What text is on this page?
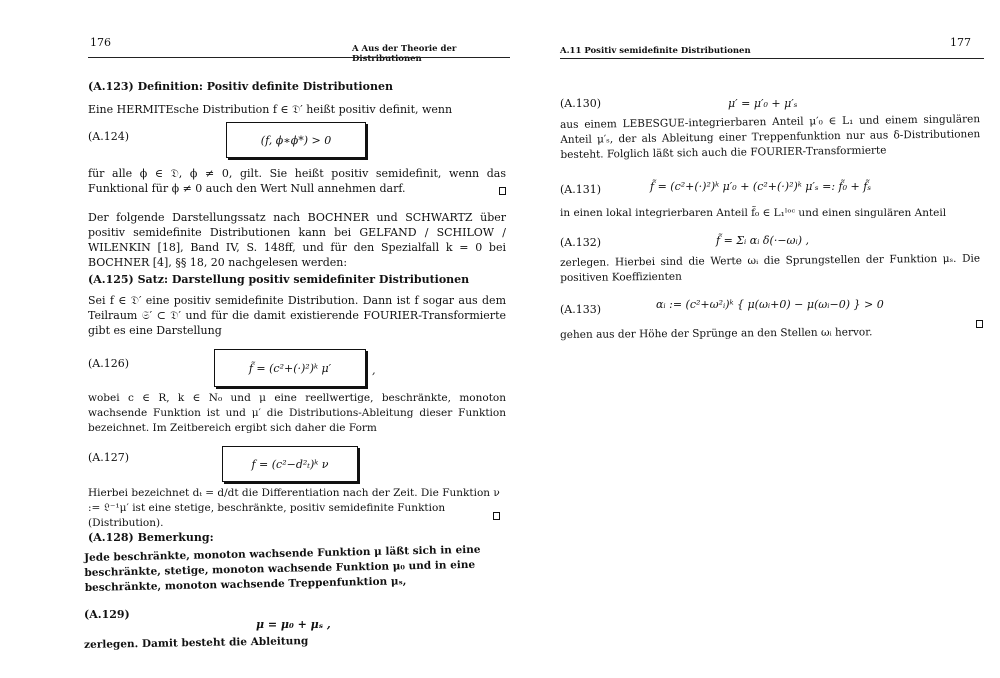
176	A Aus der Theorie der Distributionen
(A.123) Definition: Positiv definite Distributionen
Eine HERMITEsche Distribution f ∈ 𝔇′ heißt positiv definit, wenn
(A.124)	(f, ϕ∗ϕ*) > 0
für alle ϕ ∈ 𝔇, ϕ ≠ 0, gilt. Sie heißt positiv semidefinit, wenn das Funktional für ϕ ≠ 0 auch den Wert Null annehmen darf.
Der folgende Darstellungssatz nach BOCHNER und SCHWARTZ über positiv semidefinite Distributionen kann bei GELFAND / SCHILOW / WILENKIN [18], Band IV, S. 148ff, und für den Spezialfall k = 0 bei BOCHNER [4], §§ 18, 20 nachgelesen werden:
(A.125) Satz: Darstellung positiv semidefiniter Distributionen
Sei f ∈ 𝔇′ eine positiv semidefinite Distribution. Dann ist f sogar aus dem Teilraum 𝔖′ ⊂ 𝔇′ und für die damit existierende FOURIER-Transformierte gibt es eine Darstellung
(A.126)	f̃ = (c²+(·)²)ᵏ μ′	,
wobei c ∈ R, k ∈ N₀ und μ eine reellwertige, beschränkte, monoton wachsende Funktion ist und μ′ die Distributions-Ableitung dieser Funktion bezeichnet. Im Zeitbereich ergibt sich daher die Form
(A.127)	f = (c²−d²ₜ)ᵏ ν
Hierbei bezeichnet dₜ = d/dt die Differentiation nach der Zeit. Die Funktion ν := 𝔏⁻¹μ′ ist eine stetige, beschränkte, positiv semidefinite Funktion (Distribution).
(A.128) Bemerkung:
Jede beschränkte, monoton wachsende Funktion μ läßt sich in eine beschränkte, stetige, monoton wachsende Funktion μ₀ und in eine beschränkte, monoton wachsende Treppenfunktion μₛ,
(A.129)
μ = μ₀ + μₛ ,
zerlegen. Damit besteht die Ableitung
A.11 Positiv semidefinite Distributionen
177
(A.130)	μ′ = μ′₀ + μ′ₛ
aus einem LEBESGUE-integrierbaren Anteil μ′₀ ∈ L₁ und einem singulären Anteil μ′ₛ, der als Ableitung einer Treppenfunktion nur aus δ-Distributionen besteht. Folglich läßt sich auch die FOURIER-Transformierte
(A.131)	f̃ = (c²+(·)²)ᵏ μ′₀ + (c²+(·)²)ᵏ μ′ₛ =: f̃₀ + f̃ₛ
in einen lokal integrierbaren Anteil f̃₀ ∈ L₁ˡᵒᶜ und einen singulären Anteil
(A.132)	f̃ = Σᵢ αᵢ δ(·−ωᵢ) ,
zerlegen. Hierbei sind die Werte ωᵢ die Sprungstellen der Funktion μₛ. Die positiven Koeffizienten
(A.133)	αᵢ := (c²+ω²ᵢ)ᵏ { μ(ωᵢ+0) − μ(ωᵢ−0) } > 0
gehen aus der Höhe der Sprünge an den Stellen ωᵢ hervor.
